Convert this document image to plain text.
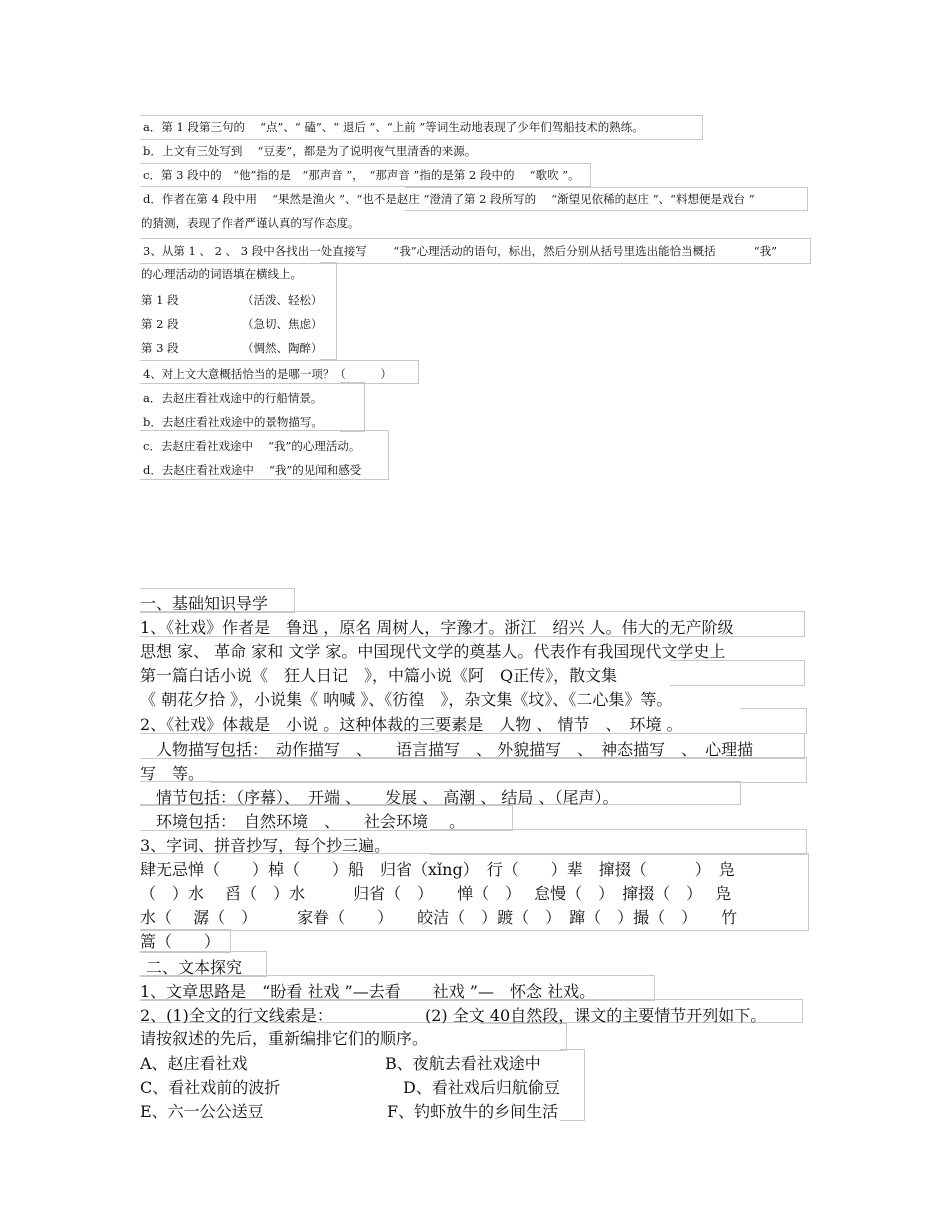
a．第 1 段第三句的　 “点”、“ 磕”、“ 退后 ”、“上前 ”等词生动地表现了少年们驾船技术的熟练。
b．上文有三处写到　 “豆麦”，都是为了说明夜气里清香的来源。
c．第 3 段中的　“他”指的是　“那声音 ”，　“那声音 ”指的是第 2 段中的　 “歌吹 ”。
d．作者在第 4 段中用　 “果然是渔火 ”、“也不是赵庄 ”澄清了第 2 段所写的　 “渐望见依稀的赵庄 ”、“料想便是戏台 ”
的猜测，表现了作者严谨认真的写作态度。
3、从第 1 、 2 、 3 段中各找出一处直接写　　 “我”心理活动的语句，标出，然后分别从括号里选出能恰当概括　　　 “我”
的心理活动的词语填在横线上。
第 1 段	（活泼、轻松）
第 2 段	（急切、焦虑）
第 3 段	（惆然、陶醉）
4、对上文大意概括恰当的是哪一项？（　　　）
a．去赵庄看社戏途中的行船情景。
b．去赵庄看社戏途中的景物描写。
c．去赵庄看社戏途中　 “我”的心理活动。
d．去赵庄看社戏途中　 “我”的见闻和感受
一、基础知识导学
1、《社戏》作者是　鲁迅 ，原名 周树人，字豫才。浙江　绍兴 人。伟大的无产阶级
思想 家、 革命 家和 文学 家。中国现代文学的奠基人。代表作有我国现代文学史上
第一篇白话小说《　狂人日记　》，中篇小说《阿　Q正传》，散文集
《 朝花夕拾 》，小说集《 呐喊 》、《彷徨　》，杂文集《坟》、《二心集》等。
2、《社戏》体裁是　小说 。这种体裁的三要素是　人物 、 情节　、　环境 。
　人物描写包括：　动作描写　、　　语言描写　、 外貌描写　、　神态描写　、　心理描
写　等。
　情节包括：（序幕）、　开端 、　　发展 、 高潮 、 结局 、（尾声）。
　环境包括：　自然环境　、　　社会环境　 。
3、字词、拼音抄写，每个抄三遍。
肆无忌惮（　　）棹（　　）船　归省（xǐng）　行（　　）辈　撺掇（　　　）　凫
（　）水　 舀（　）水　　　归省（　）　　惮（　）　 怠慢（　）　撺掇（　）　 凫
水（　 潺（　）　　　家眷（　　）　　皎洁（　）踱（　）　蹿（　）撮（　）　　竹
篙（　　）
二、文本探究
1、文章思路是　“盼看 社戏 ”—去看　　社戏 ”—　怀念 社戏。
2、(1)全文的行文线索是：	(2) 全文 40自然段，课文的主要情节开列如下。
请按叙述的先后，重新编排它们的顺序。
A、赵庄看社戏	B、夜航去看社戏途中
C、看社戏前的波折	D、看社戏后归航偷豆
E、六一公公送豆	F、钓虾放牛的乡间生活
